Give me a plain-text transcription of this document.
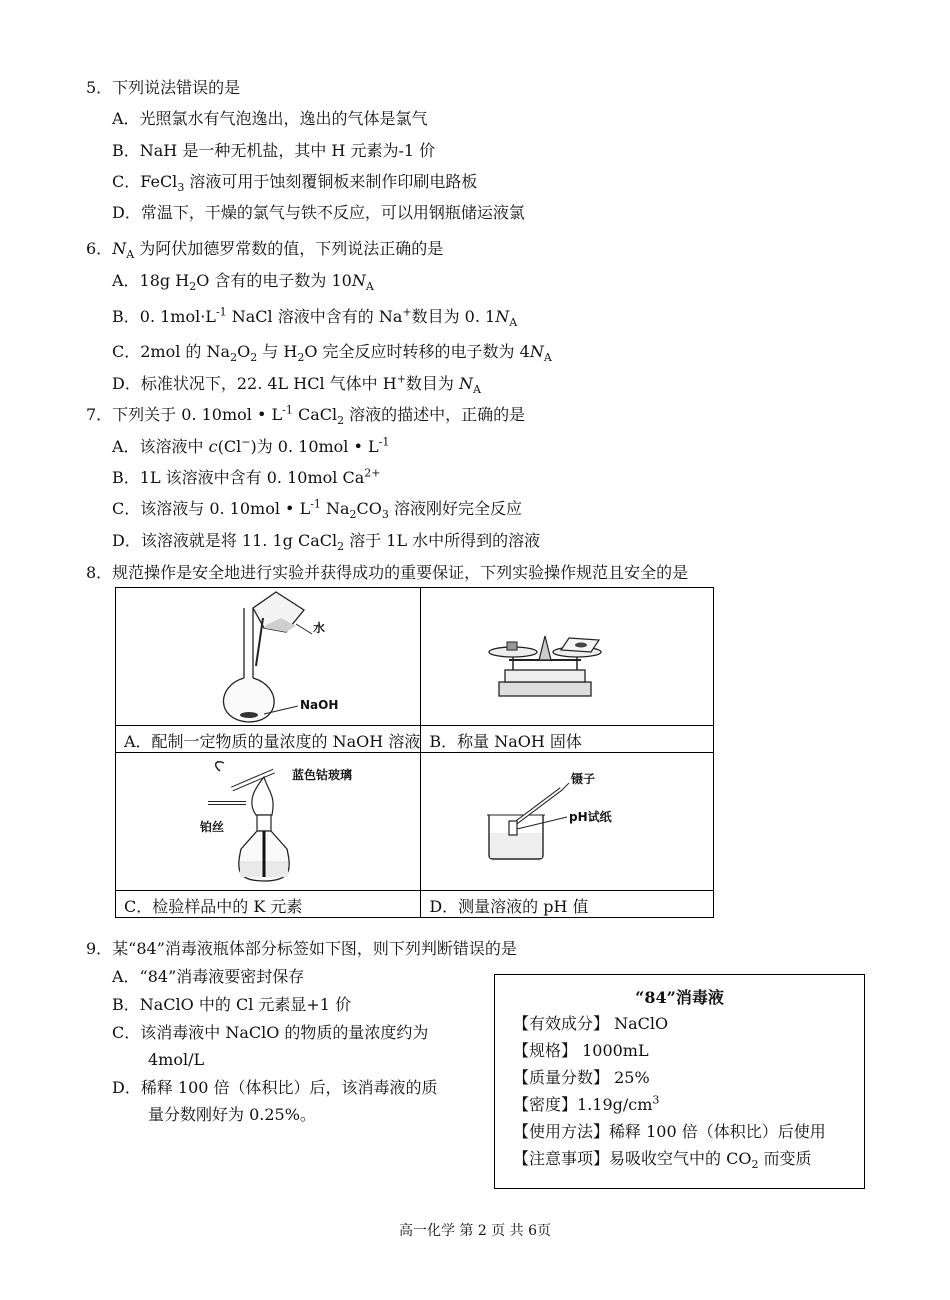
5．下列说法错误的是
A．光照氯水有气泡逸出，逸出的气体是氯气
B．NaH 是一种无机盐，其中 H 元素为-1 价
C．FeCl$_3$ 溶液可用于蚀刻覆铜板来制作印刷电路板
D．常温下，干燥的氯气与铁不反应，可以用钢瓶储运液氯
6．$N_A$ 为阿伏加德罗常数的值，下列说法正确的是
A．18g $H_2O$ 含有的电子数为 $10N_A$
B．0. $1mol\cdot L^{-1}$ NaCl 溶液中含有的 Na+数目为 0. $1N_A$
C．2mol 的 $Na_2O_2$ 与 $H_2O$ 完全反应时转移的电子数为 $4N_A$
D．标准状况下，22. 4L HCl 气体中 H+数目为 $N_A$
7．下列关于 0. 10mol • $L^{-1}$ CaCl$_2$ 溶液的描述中，正确的是
A．该溶液中 c(Cl−)为 0. 10mol • $L^{-1}$
B．1L 该溶液中含有 0. 10mol $Ca^{2+}$
C．该溶液与 0. 10mol • $L^{-1}$ $Na_2CO_3$ 溶液刚好完全反应
D．该溶液就是将 11. 1g CaCl$_2$ 溶于 1L 水中所得到的溶液
8．规范操作是安全地进行实验并获得成功的重要保证，下列实验操作规范且安全的是
水
NaOH

A．配制一定物质的量浓度的 NaOH 溶液	B．称量 NaOH 固体

蓝色钴玻璃
铂丝	镊子
pH试纸

C．检验样品中的 K 元素	D．测量溶液的 pH 值
9．某“84”消毒液瓶体部分标签如下图，则下列判断错误的是
A．“84”消毒液要密封保存
B．NaClO 中的 Cl 元素显+1 价
C．该消毒液中 NaClO 的物质的量浓度约为
4mol/L
D．稀释 100 倍（体积比）后，该消毒液的质
量分数刚好为 0.25%。
“84”消毒液
【有效成分】 NaClO
【规格】 1000mL
【质量分数】 25%
【密度】$1.19g/cm^3$
【使用方法】稀释 100 倍（体积比）后使用
【注意事项】易吸收空气中的 $CO_2$ 而变质
高一化学 第 2 页 共 6页
